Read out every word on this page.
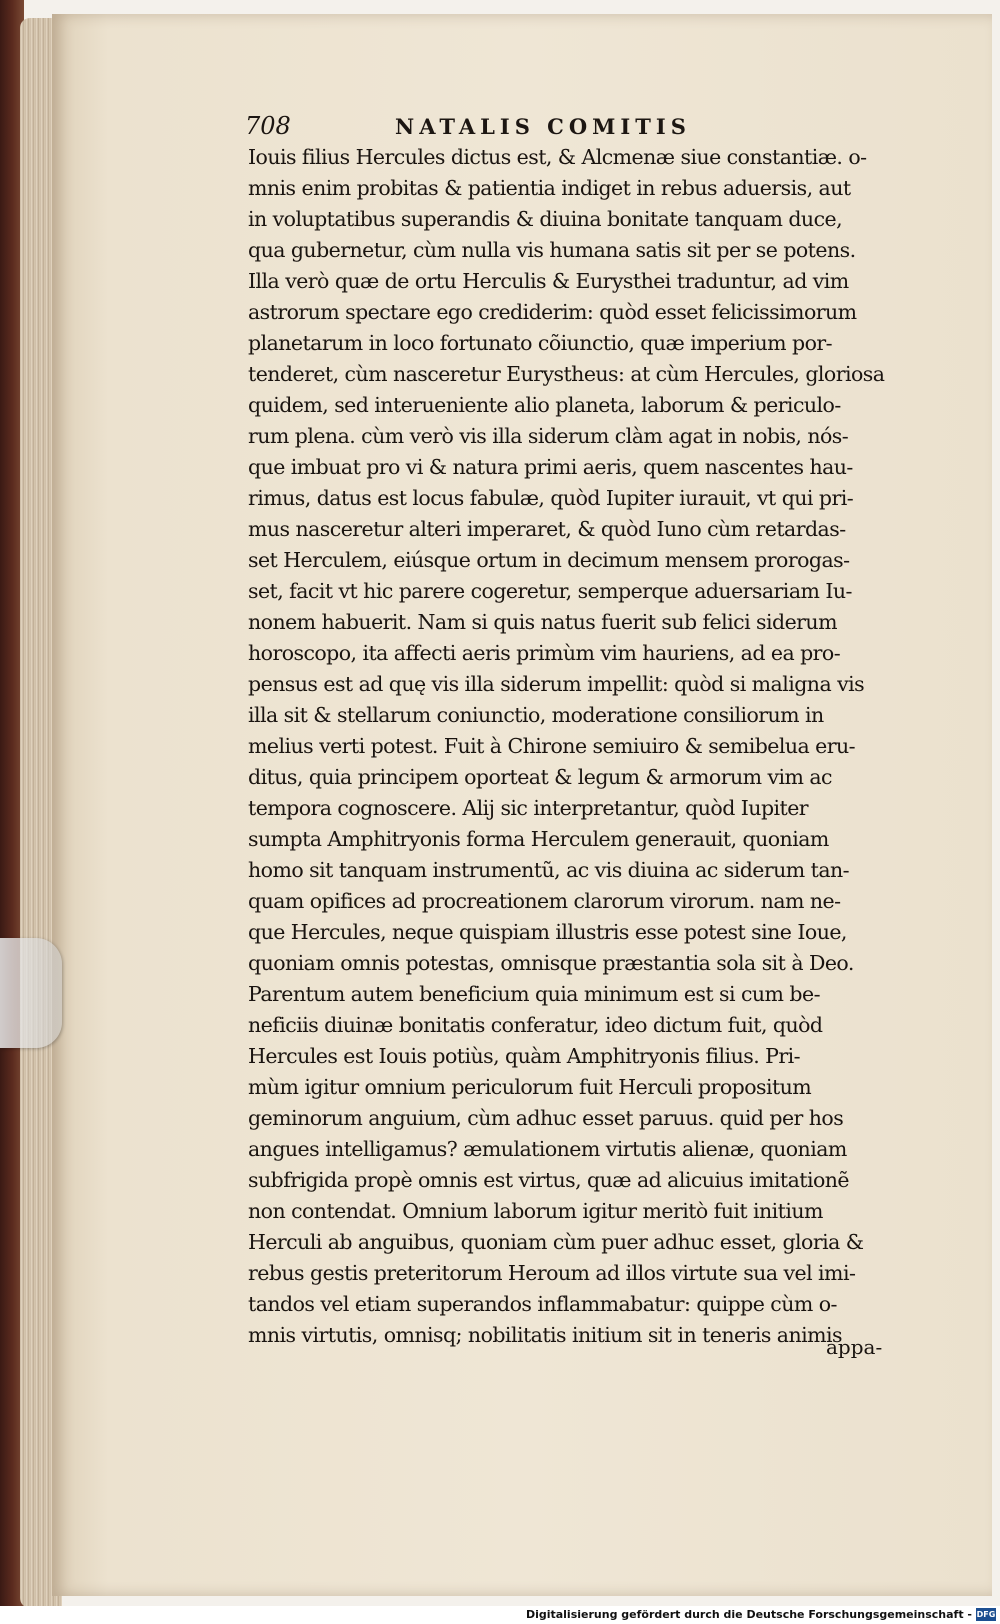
708	NATALIS COMITIS
Iouis filius Hercules dictus est, & Alcmenæ siue constantiæ. o-
mnis enim probitas & patientia indiget in rebus aduersis, aut
in voluptatibus superandis & diuina bonitate tanquam duce,
qua gubernetur, cùm nulla vis humana satis sit per se potens.
Illa verò quæ de ortu Herculis & Eurysthei traduntur, ad vim
astrorum spectare ego crediderim: quòd esset felicissimorum
planetarum in loco fortunato cõiunctio, quæ imperium por-
tenderet, cùm nasceretur Eurystheus: at cùm Hercules, gloriosa
quidem, sed interueniente alio planeta, laborum & periculo-
rum plena. cùm verò vis illa siderum clàm agat in nobis, nós-
que imbuat pro vi & natura primi aeris, quem nascentes hau-
rimus, datus est locus fabulæ, quòd Iupiter iurauit, vt qui pri-
mus nasceretur alteri imperaret, & quòd Iuno cùm retardas-
set Herculem, eiúsque ortum in decimum mensem prorogas-
set, facit vt hic parere cogeretur, semperque aduersariam Iu-
nonem habuerit. Nam si quis natus fuerit sub felici siderum
horoscopo, ita affecti aeris primùm vim hauriens, ad ea pro-
pensus est ad quę vis illa siderum impellit: quòd si maligna vis
illa sit & stellarum coniunctio, moderatione consiliorum in
melius verti potest. Fuit à Chirone semiuiro & semibelua eru-
ditus, quia principem oporteat & legum & armorum vim ac
tempora cognoscere. Alij sic interpretantur, quòd Iupiter
sumpta Amphitryonis forma Herculem generauit, quoniam
homo sit tanquam instrumentũ, ac vis diuina ac siderum tan-
quam opifices ad procreationem clarorum virorum. nam ne-
que Hercules, neque quispiam illustris esse potest sine Ioue,
quoniam omnis potestas, omnisque præstantia sola sit à Deo.
Parentum autem beneficium quia minimum est si cum be-
neficiis diuinæ bonitatis conferatur, ideo dictum fuit, quòd
Hercules est Iouis potiùs, quàm Amphitryonis filius. Pri-
mùm igitur omnium periculorum fuit Herculi propositum
geminorum anguium, cùm adhuc esset paruus. quid per hos
angues intelligamus? æmulationem virtutis alienæ, quoniam
subfrigida propè omnis est virtus, quæ ad alicuius imitationẽ
non contendat. Omnium laborum igitur meritò fuit initium
Herculi ab anguibus, quoniam cùm puer adhuc esset, gloria &
rebus gestis preteritorum Heroum ad illos virtute sua vel imi-
tandos vel etiam superandos inflammabatur: quippe cùm o-
mnis virtutis, omnisq; nobilitatis initium sit in teneris animis
appa-
Digitalisierung gefördert durch die Deutsche Forschungsgemeinschaft - DFG
